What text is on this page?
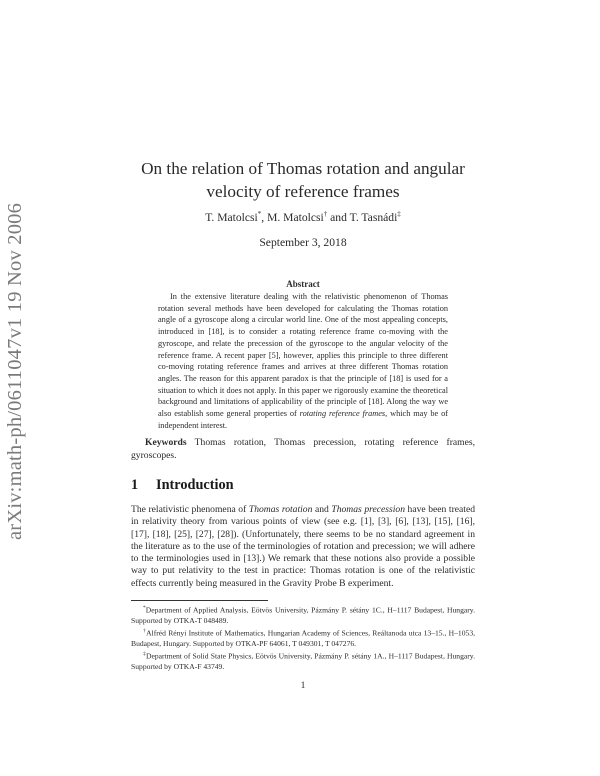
arXiv:math-ph/0611047v1 19 Nov 2006
On the relation of Thomas rotation and angular
velocity of reference frames
T. Matolcsi*, M. Matolcsi† and T. Tasnádi‡
September 3, 2018
Abstract
In the extensive literature dealing with the relativistic phenomenon of Thomas rotation several methods have been developed for calculating the Thomas rotation angle of a gyroscope along a circular world line. One of the most appealing concepts, introduced in [18], is to consider a rotating reference frame co-moving with the gyroscope, and relate the precession of the gyroscope to the angular velocity of the reference frame. A recent paper [5], however, applies this principle to three different co-moving rotating reference frames and arrives at three different Thomas rotation angles. The reason for this apparent paradox is that the principle of [18] is used for a situation to which it does not apply. In this paper we rigorously examine the theoretical background and limitations of applicability of the principle of [18]. Along the way we also establish some general properties of rotating reference frames, which may be of independent interest.
Keywords Thomas rotation, Thomas precession, rotating reference frames, gyroscopes.
1 Introduction
The relativistic phenomena of Thomas rotation and Thomas precession have been treated in relativity theory from various points of view (see e.g. [1], [3], [6], [13], [15], [16], [17], [18], [25], [27], [28]). (Unfortunately, there seems to be no standard agreement in the literature as to the use of the terminologies of rotation and precession; we will adhere to the terminologies used in [13].) We remark that these notions also provide a possible way to put relativity to the test in practice: Thomas rotation is one of the relativistic effects currently being measured in the Gravity Probe B experiment.

*Department of Applied Analysis, Eötvös University, Pázmány P. sétány 1C., H–1117 Budapest, Hungary. Supported by OTKA-T 048489.

†Alfréd Rényi Institute of Mathematics, Hungarian Academy of Sciences, Reáltanoda utca 13–15., H–1053, Budapest, Hungary. Supported by OTKA-PF 64061, T 049301, T 047276.

‡Department of Solid State Physics, Eötvös University, Pázmány P. sétány 1A., H–1117 Budapest, Hungary. Supported by OTKA-F 43749.

1
